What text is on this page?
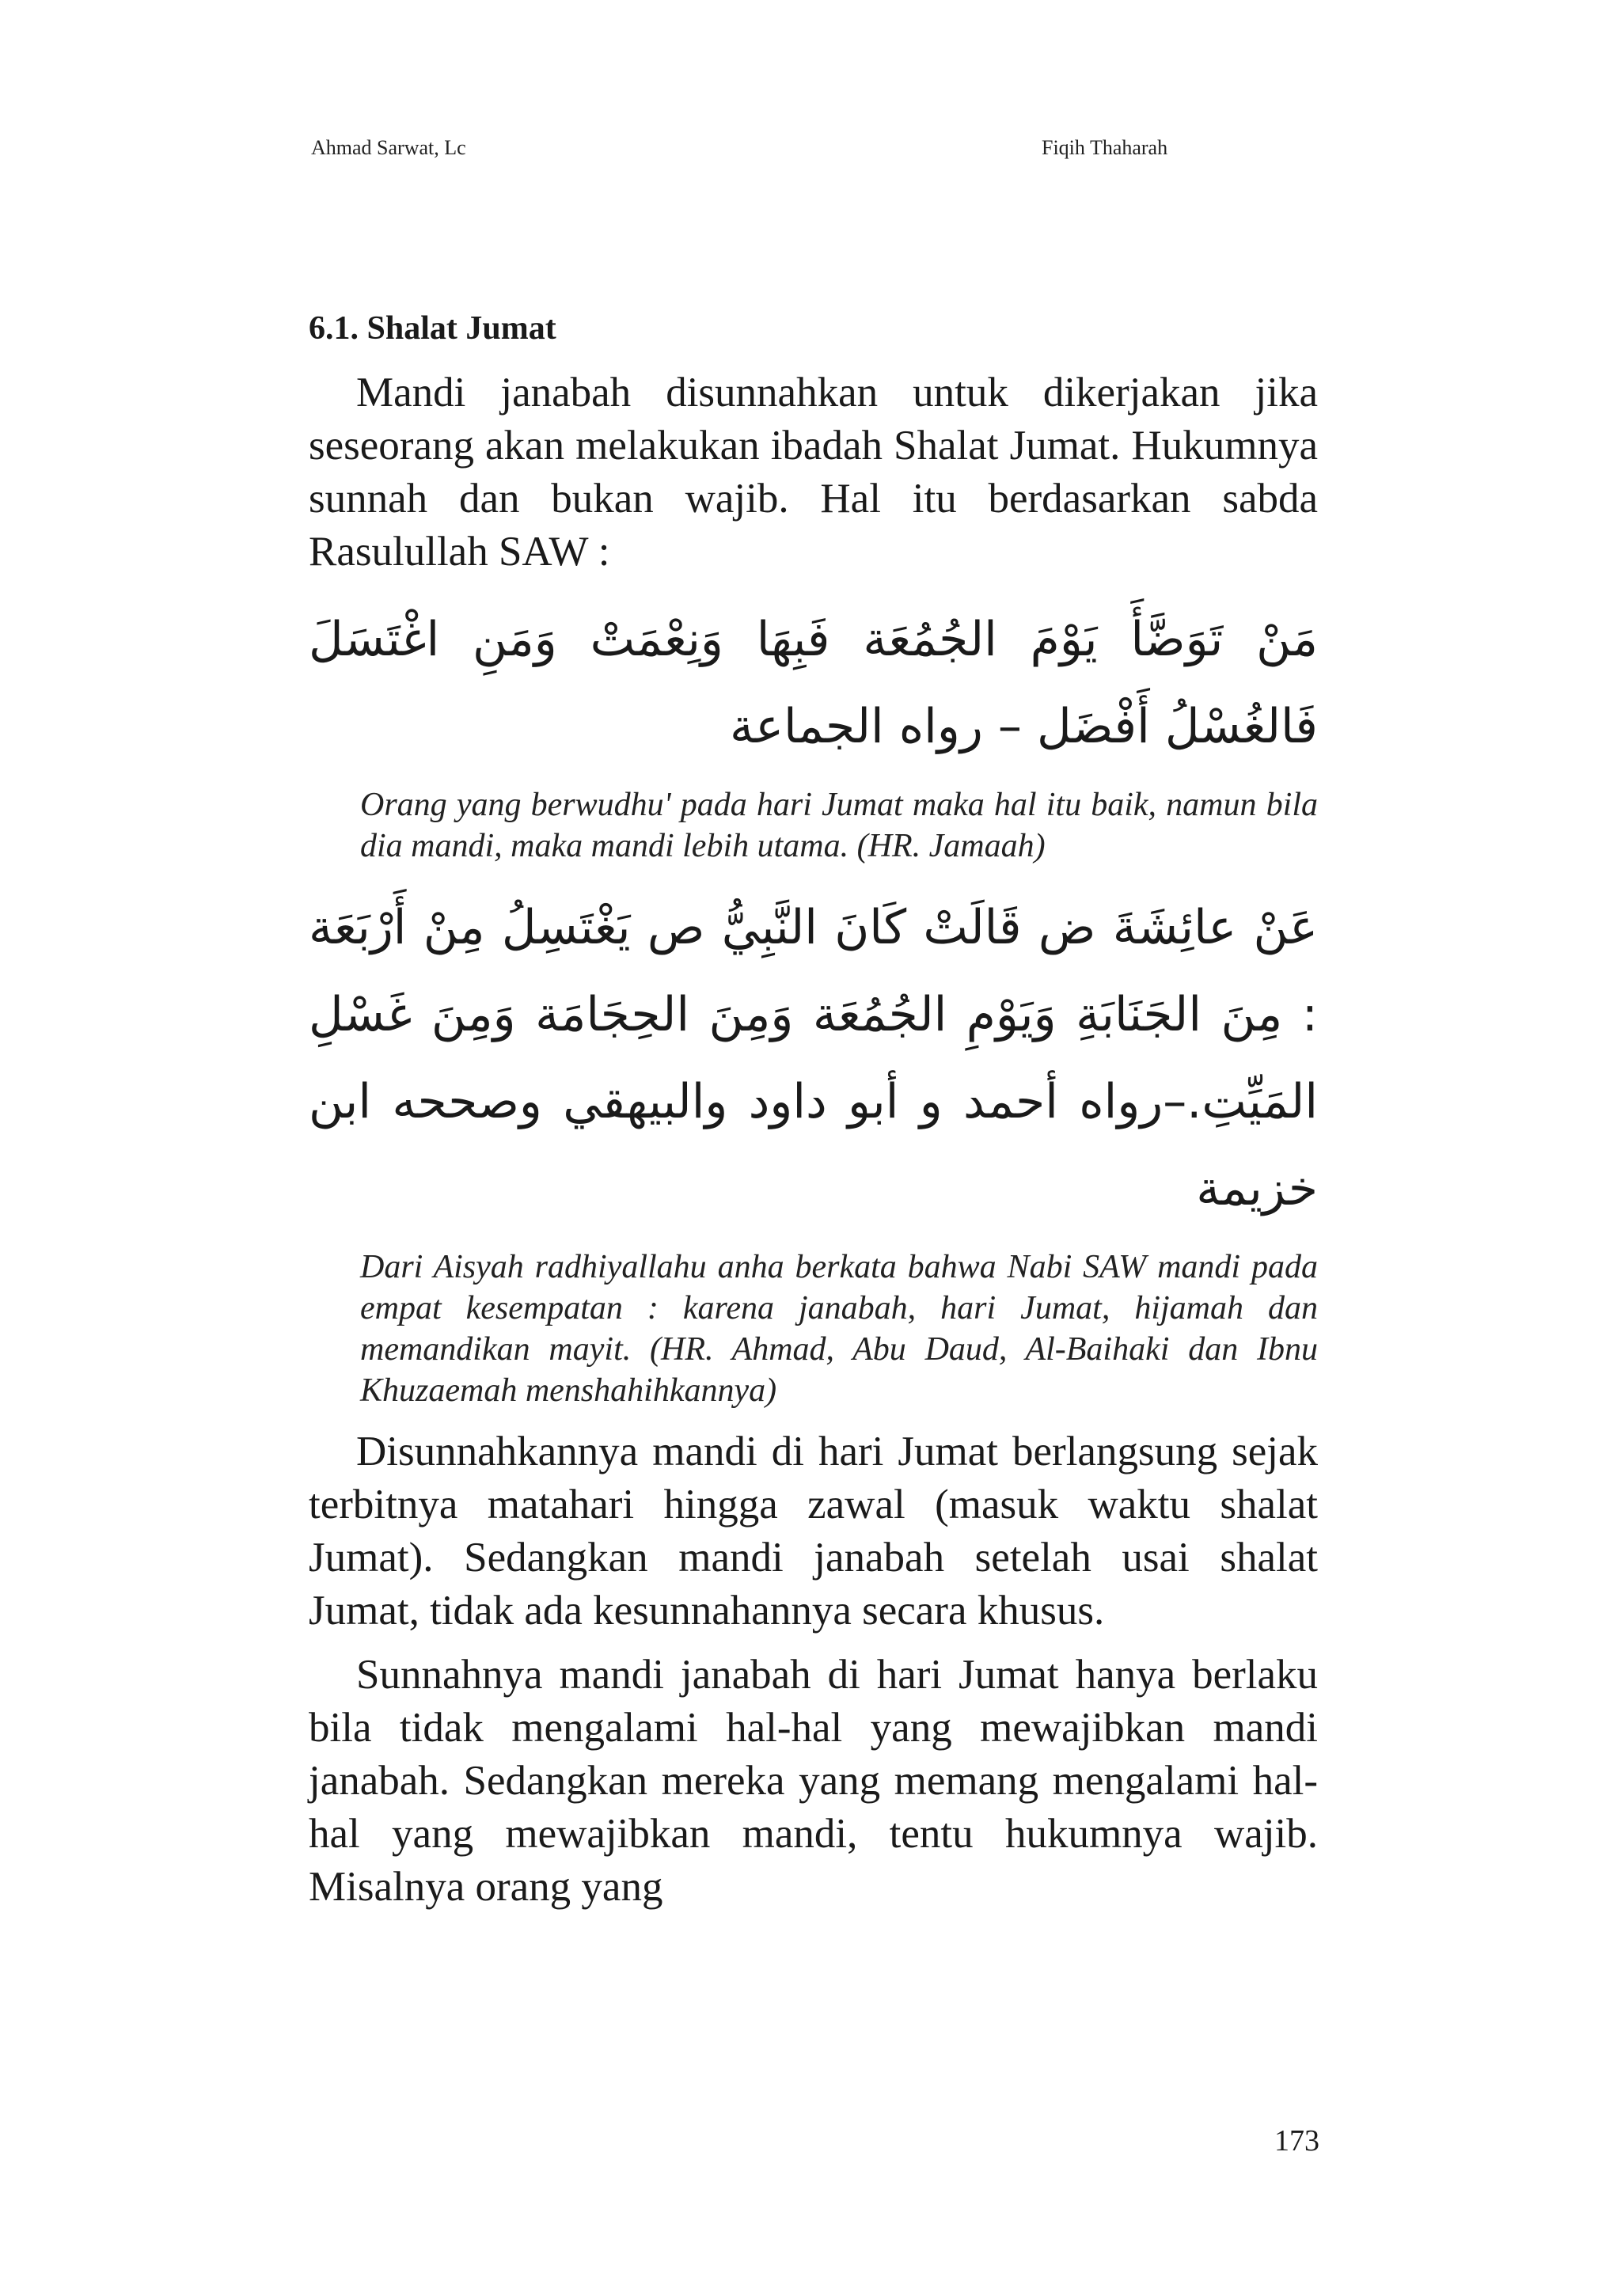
Ahmad Sarwat, Lc	Fiqih Thaharah
6.1. Shalat Jumat

Mandi janabah disunnahkan untuk dikerjakan jika seseorang akan melakukan ibadah Shalat Jumat. Hukumnya sunnah dan bukan wajib. Hal itu berdasarkan sabda Rasulullah SAW :

مَنْ تَوَضَّأَ يَوْمَ الجُمُعَة فَبِهَا وَنِعْمَتْ وَمَنِ اغْتَسَلَ فَالغُسْلُ أَفْضَل – رواه الجماعة

Orang yang berwudhu' pada hari Jumat maka hal itu baik, namun bila dia mandi, maka mandi lebih utama. (HR. Jamaah)

عَنْ عائِشَةَ ض قَالَتْ كَانَ النَّبِيُّ ص يَغْتَسِلُ مِنْ أَرْبَعَة : مِنَ الجَنَابَةِ وَيَوْمِ الجُمُعَة وَمِنَ الحِجَامَة وَمِنَ غَسْلِ المَيِّتِ.–رواه أحمد و أبو داود والبيهقي وصححه ابن خزيمة

Dari Aisyah radhiyallahu anha berkata bahwa Nabi SAW mandi pada empat kesempatan : karena janabah, hari Jumat, hijamah dan memandikan mayit. (HR. Ahmad, Abu Daud, Al-Baihaki dan Ibnu Khuzaemah menshahihkannya)

Disunnahkannya mandi di hari Jumat berlangsung sejak terbitnya matahari hingga zawal (masuk waktu shalat Jumat). Sedangkan mandi janabah setelah usai shalat Jumat, tidak ada kesunnahannya secara khusus.

Sunnahnya mandi janabah di hari Jumat hanya berlaku bila tidak mengalami hal-hal yang mewajibkan mandi janabah. Sedangkan mereka yang memang mengalami hal-hal yang mewajibkan mandi, tentu hukumnya wajib. Misalnya orang yang

173
